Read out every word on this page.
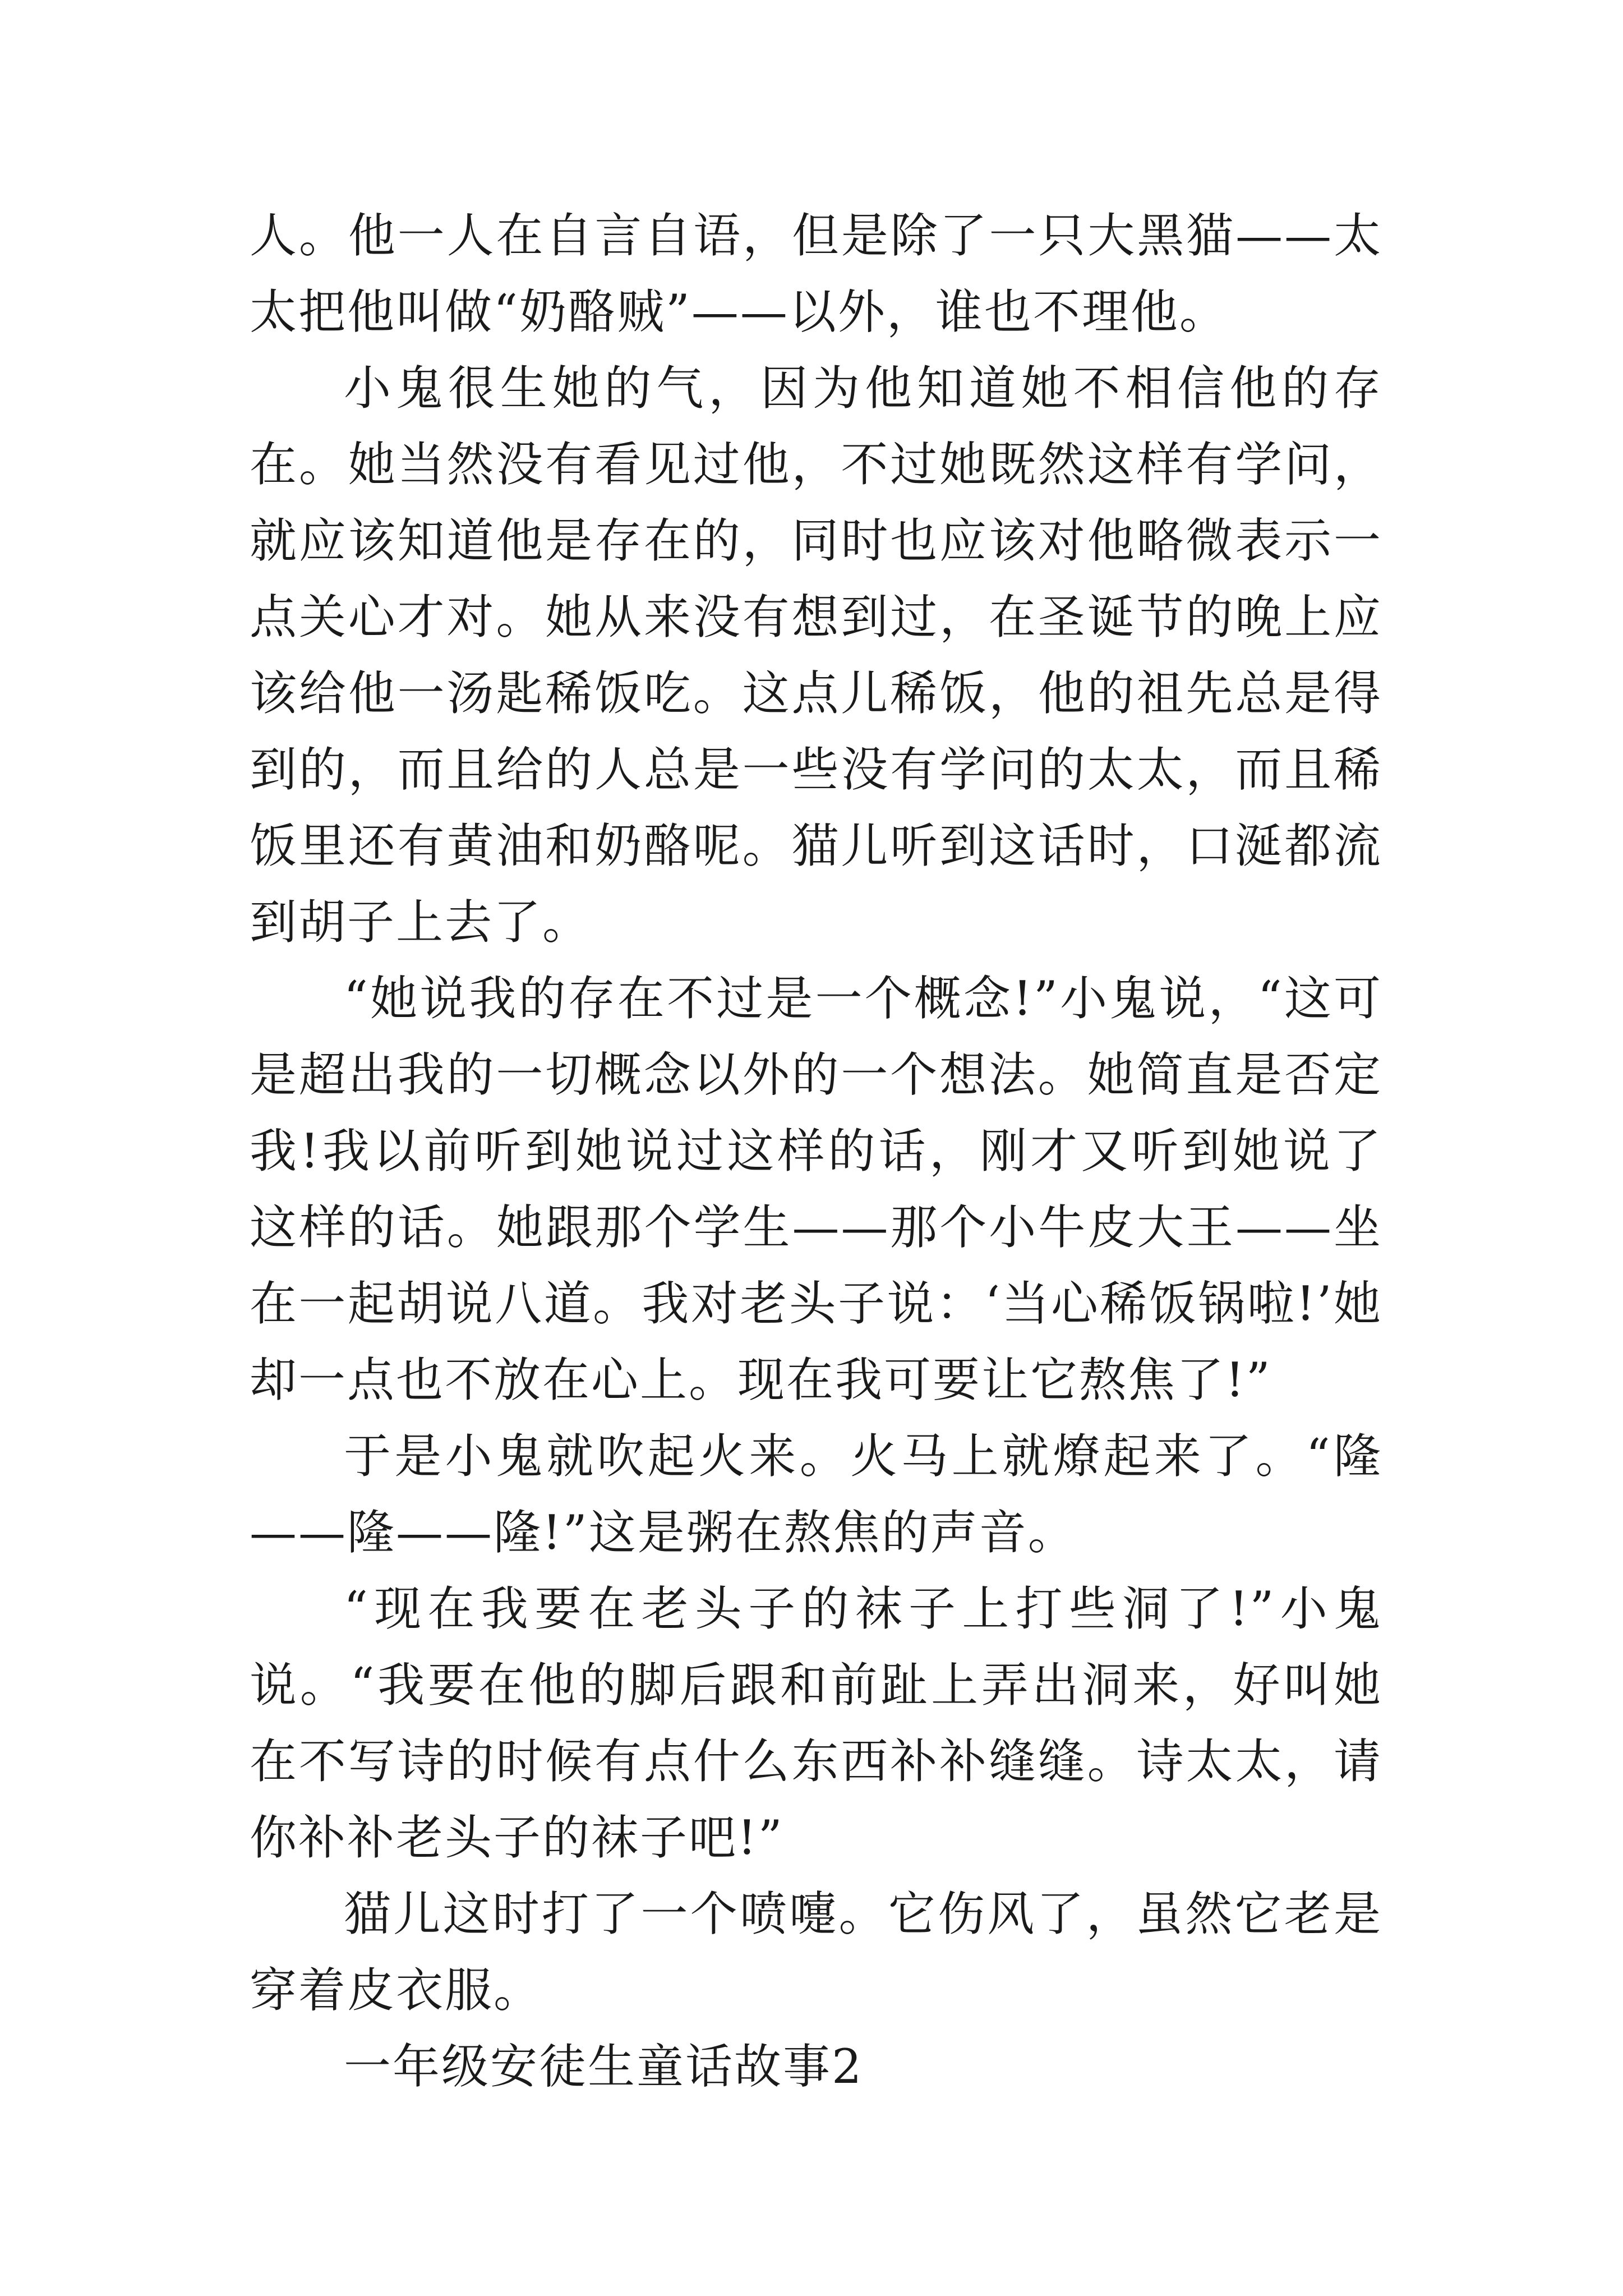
人。他一人在自言自语，但是除了一只大黑猫——太太把他叫做“奶酪贼”——以外，谁也不理他。

小鬼很生她的气，因为他知道她不相信他的存在。她当然没有看见过他，不过她既然这样有学问，就应该知道他是存在的，同时也应该对他略微表示一点关心才对。她从来没有想到过，在圣诞节的晚上应该给他一汤匙稀饭吃。这点儿稀饭，他的祖先总是得到的，而且给的人总是一些没有学问的太太，而且稀饭里还有黄油和奶酪呢。猫儿听到这话时，口涎都流到胡子上去了。

“她说我的存在不过是一个概念!”小鬼说，“这可是超出我的一切概念以外的一个想法。她简直是否定我!我以前听到她说过这样的话，刚才又听到她说了这样的话。她跟那个学生——那个小牛皮大王——坐在一起胡说八道。我对老头子说：‘当心稀饭锅啦!’她却一点也不放在心上。现在我可要让它熬焦了!”

于是小鬼就吹起火来。火马上就燎起来了。“隆——隆——隆!”这是粥在熬焦的声音。

“现在我要在老头子的袜子上打些洞了!”小鬼说。“我要在他的脚后跟和前趾上弄出洞来，好叫她在不写诗的时候有点什么东西补补缝缝。诗太太，请你补补老头子的袜子吧!”

猫儿这时打了一个喷嚏。它伤风了，虽然它老是穿着皮衣服。

一年级安徒生童话故事2
